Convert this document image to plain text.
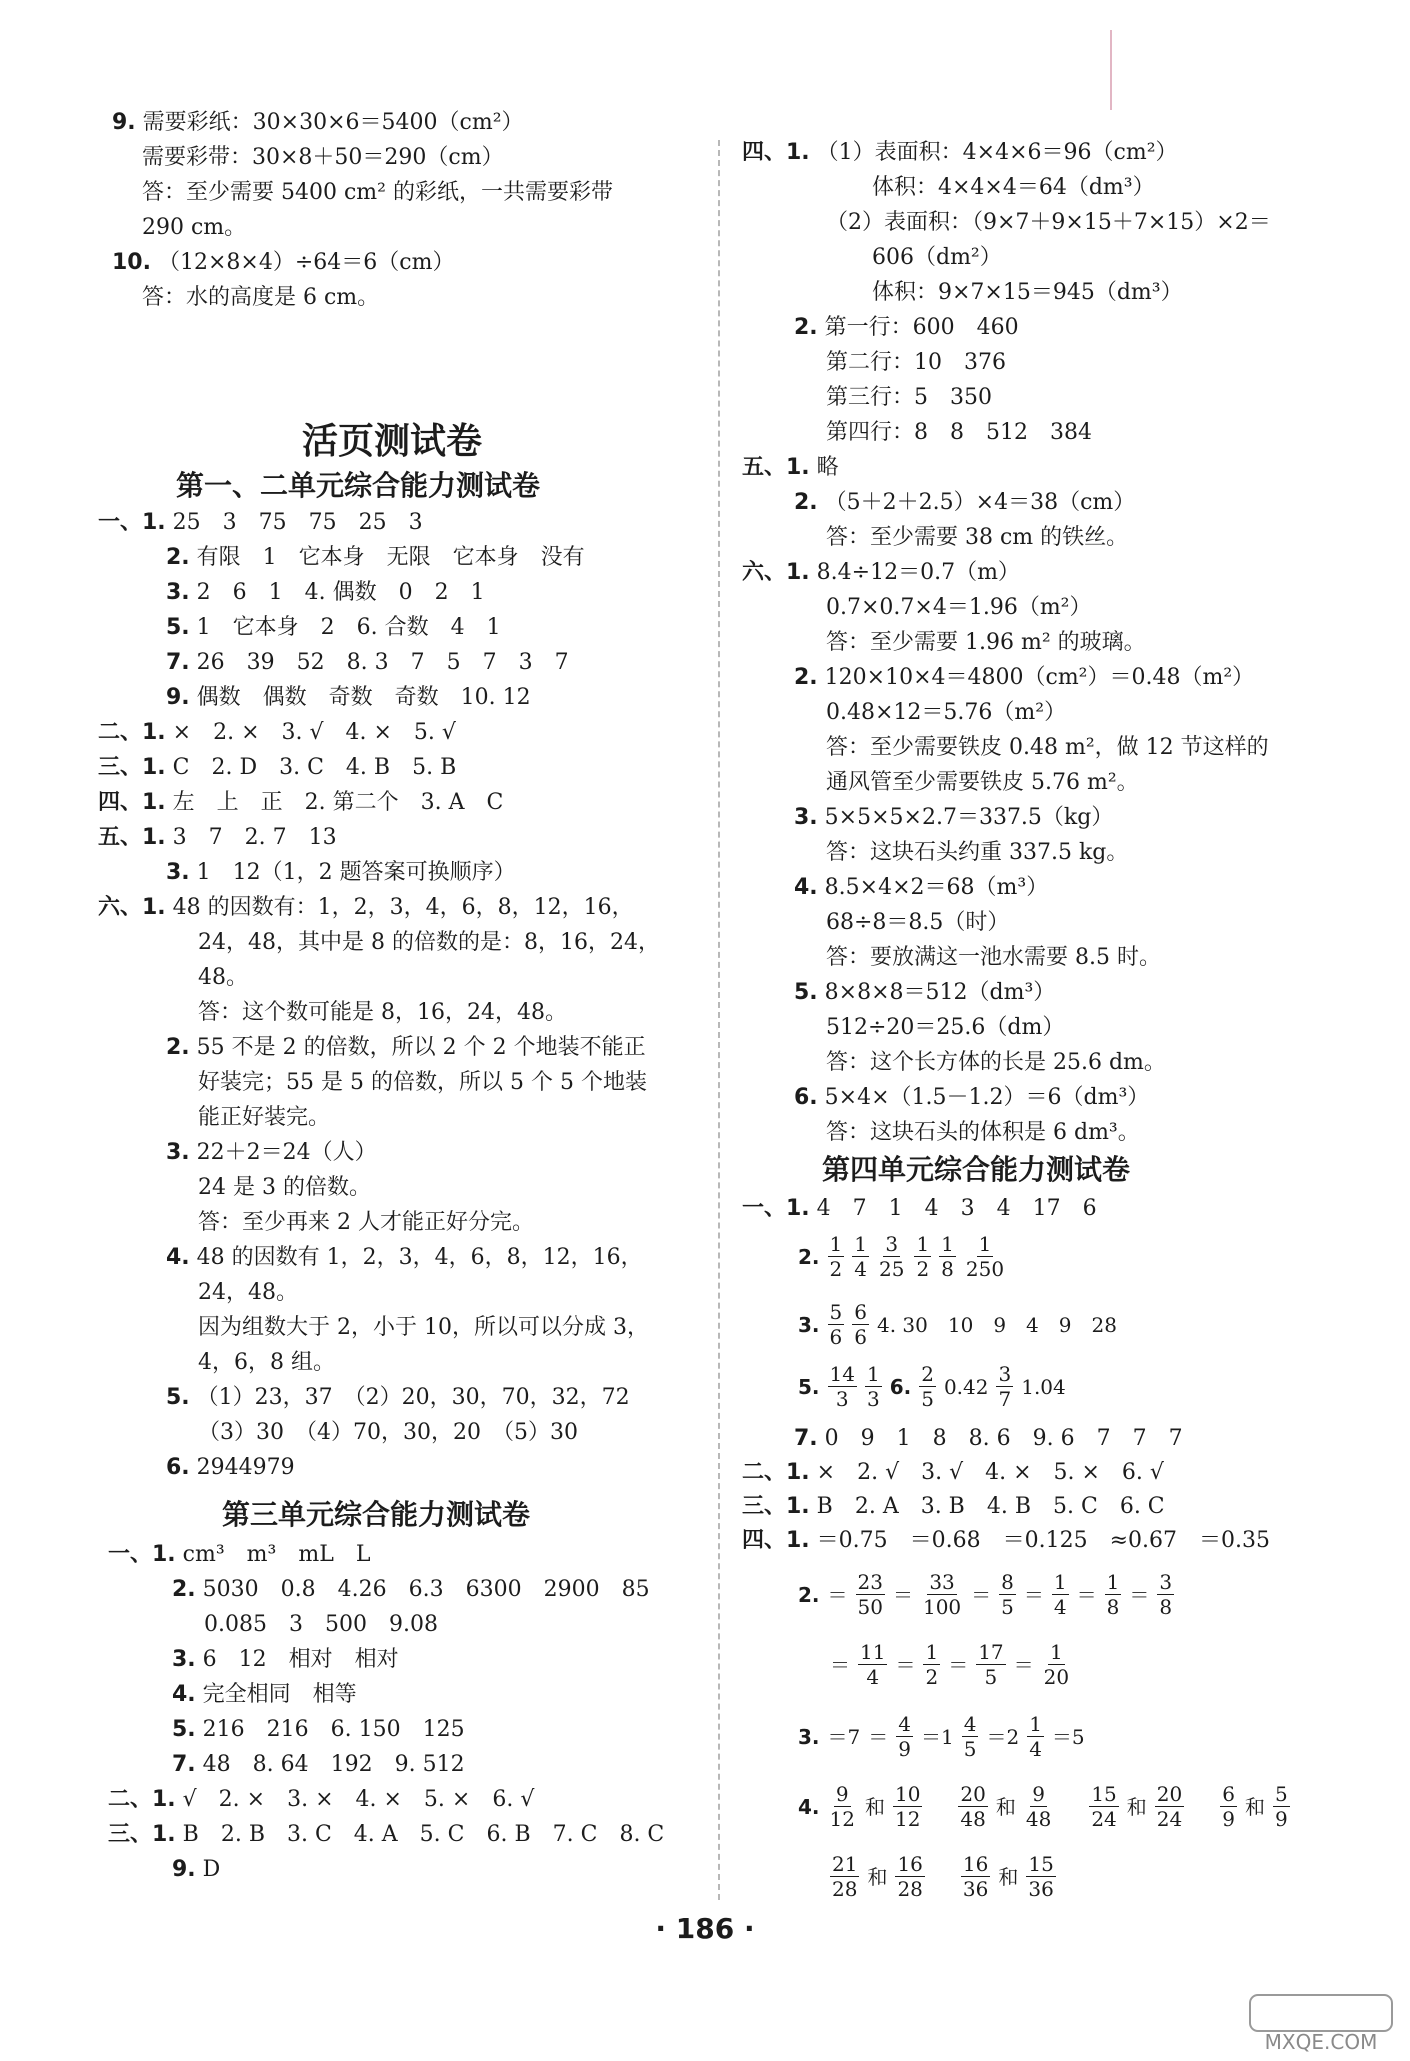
9. 需要彩纸：30×30×6＝5400（cm²）
需要彩带：30×8＋50＝290（cm）
答：至少需要 5400 cm² 的彩纸，一共需要彩带
290 cm。
10. （12×8×4）÷64＝6（cm）
答：水的高度是 6 cm。
活页测试卷
第一、二单元综合能力测试卷
一、1. 25　3　75　75　25　3
2. 有限　1　它本身　无限　它本身　没有
3. 2　6　1　4. 偶数　0　2　1
5. 1　它本身　2　6. 合数　4　1
7. 26　39　52　8. 3　7　5　7　3　7
9. 偶数　偶数　奇数　奇数　10. 12
二、1. ×　2. ×　3. √　4. ×　5. √
三、1. C　2. D　3. C　4. B　5. B
四、1. 左　上　正　2. 第二个　3. A　C
五、1. 3　7　2. 7　13
3. 1　12（1，2 题答案可换顺序）
六、1. 48 的因数有：1，2，3，4，6，8，12，16，
24，48，其中是 8 的倍数的是：8，16，24，
48。
答：这个数可能是 8，16，24，48。
2. 55 不是 2 的倍数，所以 2 个 2 个地装不能正
好装完；55 是 5 的倍数，所以 5 个 5 个地装
能正好装完。
3. 22＋2＝24（人）
24 是 3 的倍数。
答：至少再来 2 人才能正好分完。
4. 48 的因数有 1，2，3，4，6，8，12，16，
24，48。
因为组数大于 2，小于 10，所以可以分成 3，
4，6，8 组。
5. （1）23，37　（2）20，30，70，32，72
（3）30　（4）70，30，20　（5）30
6. 2944979
第三单元综合能力测试卷
一、1. cm³　m³　mL　L
2. 5030　0.8　4.26　6.3　6300　2900　85
0.085　3　500　9.08
3. 6　12　相对　相对
4. 完全相同　相等
5. 216　216　6. 150　125
7. 48　8. 64　192　9. 512
二、1. √　2. ×　3. ×　4. ×　5. ×　6. √
三、1. B　2. B　3. C　4. A　5. C　6. B　7. C　8. C
9. D
四、1. （1）表面积：4×4×6＝96（cm²）
体积：4×4×4＝64（dm³）
（2）表面积：（9×7＋9×15＋7×15）×2＝
606（dm²）
体积：9×7×15＝945（dm³）
2. 第一行：600　460
第二行：10　376
第三行：5　350
第四行：8　8　512　384
五、1. 略
2. （5＋2＋2.5）×4＝38（cm）
答：至少需要 38 cm 的铁丝。
六、1. 8.4÷12＝0.7（m）
0.7×0.7×4＝1.96（m²）
答：至少需要 1.96 m² 的玻璃。
2. 120×10×4＝4800（cm²）＝0.48（m²）
0.48×12＝5.76（m²）
答：至少需要铁皮 0.48 m²，做 12 节这样的
通风管至少需要铁皮 5.76 m²。
3. 5×5×5×2.7＝337.5（kg）
答：这块石头约重 337.5 kg。
4. 8.5×4×2＝68（m³）
68÷8＝8.5（时）
答：要放满这一池水需要 8.5 时。
5. 8×8×8＝512（dm³）
512÷20＝25.6（dm）
答：这个长方体的长是 25.6 dm。
6. 5×4×（1.5－1.2）＝6（dm³）
答：这块石头的体积是 6 dm³。
第四单元综合能力测试卷
一、1. 4　7　1　4　3　4　17　6
2. $\frac{1}{2} \frac{1}{4} \frac{3}{25} \frac{1}{2} \frac{1}{8} \frac{1}{250}$
3. $\frac{5}{6} \frac{6}{6} 4$. 30　10　9　4　9　28
5. $\frac{14}{3} \frac{1}{3} 6$. $\frac{2}{5} 0.42 \frac{3}{7} 1.04$
7. 0　9　1　8　8. 6　9. 6　7　7　7
二、1. ×　2. √　3. √　4. ×　5. ×　6. √
三、1. B　2. A　3. B　4. B　5. C　6. C
四、1. ＝0.75　＝0.68　＝0.125　≈0.67　＝0.35
2. ＝ $\frac{23}{50} = \frac{33}{100} = \frac{8}{5} = \frac{1}{4} = \frac{1}{8} = \frac{3}{8}$
＝ $\frac{11}{4} = \frac{1}{2} = \frac{17}{5} = \frac{1}{20}$
3. $=7 = \frac{4}{9} =1 \frac{4}{5} =2 \frac{1}{4} =5$
4. $\frac{9}{12}$ 和 $\frac{10}{12}$
　 $\frac{20}{48}$ 和 $\frac{9}{48}$
　 $\frac{15}{24}$ 和 $\frac{20}{24}$
　 $\frac{6}{9}$ 和 $\frac{5}{9}$

$\frac{21}{28}$ 和 $\frac{16}{28}$
　 $\frac{16}{36}$ 和 $\frac{15}{36}$

· 186 ·
MXQE.COM
